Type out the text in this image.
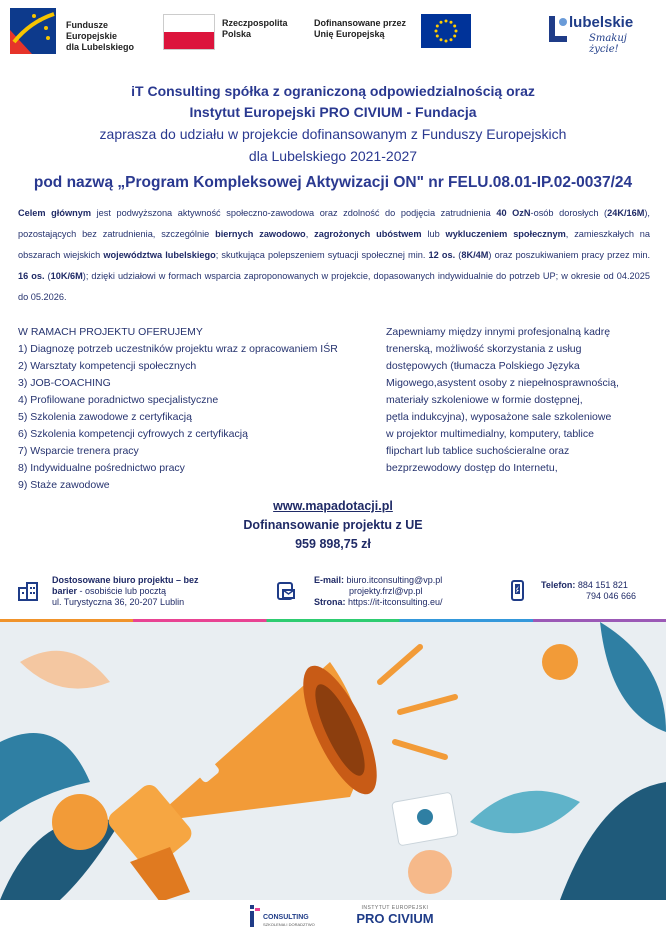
Fundusze Europejskie
dla Lubelskiego
Rzeczpospolita
Polska
Dofinansowane przez
Unię Europejską
lubelskie
Smakuj życie!
iT Consulting spółka z ograniczoną odpowiedzialnością oraz
Instytut Europejski PRO CIVIUM - Fundacja
zaprasza do udziału w projekcie dofinansowanym z Funduszy Europejskich
dla Lubelskiego 2021-2027
pod nazwą „Program Kompleksowej Aktywizacji ON" nr FELU.08.01-IP.02-0037/24
Celem głównym jest podwyższona aktywność społeczno-zawodowa oraz zdolność do podjęcia zatrudnienia 40 OzN-osób dorosłych (24K/16M), pozostających bez zatrudnienia, szczególnie biernych zawodowo, zagrożonych ubóstwem lub wykluczeniem społecznym, zamieszkałych na obszarach wiejskich województwa lubelskiego; skutkująca polepszeniem sytuacji społecznej min. 12 os. (8K/4M) oraz poszukiwaniem pracy przez min. 16 os. (10K/6M); dzięki udziałowi w formach wsparcia zaproponowanych w projekcie, dopasowanych indywidualnie do potrzeb UP; w okresie od 04.2025 do 05.2026.
W RAMACH PROJEKTU OFERUJEMY
1) Diagnozę potrzeb uczestników projektu wraz z opracowaniem IŚR
2) Warsztaty kompetencji społecznych
3) JOB-COACHING
4) Profilowane poradnictwo specjalistyczne
5) Szkolenia zawodowe z certyfikacją
6) Szkolenia kompetencji cyfrowych z certyfikacją
7) Wsparcie trenera pracy
8) Indywidualne pośrednictwo pracy
9) Staże zawodowe
Zapewniamy między innymi profesjonalną kadrę
trenerską, możliwość skorzystania z usług
dostępowych (tłumacza Polskiego Języka
Migowego,asystent osoby z niepełnosprawnością,
materiały szkoleniowe w formie dostępnej,
pętla indukcyjna), wyposażone sale szkoleniowe
w projektor multimedialny, komputery, tablice
flipchart lub tablice suchościeralne oraz
bezprzewodowy dostęp do Internetu,
www.mapadotacji.pl
Dofinansowanie projektu z UE
959 898,75 zł
Dostosowane biuro projektu – bez
barier - osobiście lub pocztą
ul. Turystyczna 36, 20-207 Lublin
E-mail: biuro.itconsulting@vp.pl
projekty.frzl@vp.pl
Strona: https://it-itconsulting.eu/
Telefon: 884 151 821
794 046 666
CONSULTING
SZKOLENIA I DORADZTWO
INSTYTUT EUROPEJSKI
PRO CIVIUM
